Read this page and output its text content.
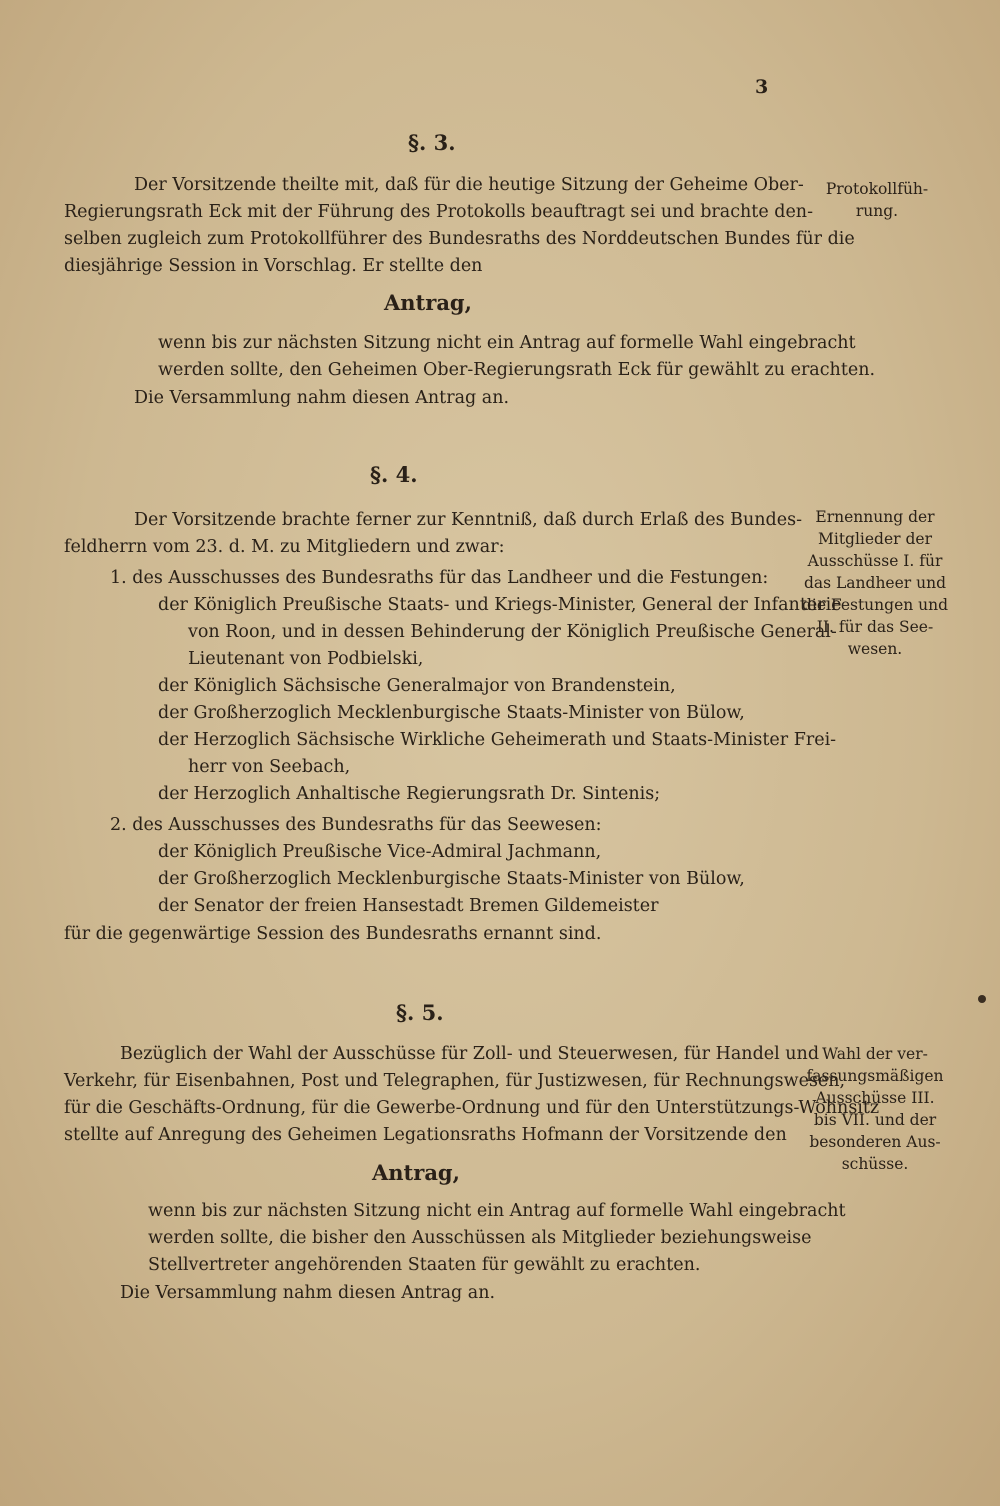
3
§. 3.
Der Vorsitzende theilte mit, daß für die heutige Sitzung der Geheime Ober-
Regierungsrath Eck mit der Führung des Protokolls beauftragt sei und brachte den-
selben zugleich zum Protokollführer des Bundesraths des Norddeutschen Bundes für die
diesjährige Session in Vorschlag. Er stellte den
Antrag,
wenn bis zur nächsten Sitzung nicht ein Antrag auf formelle Wahl eingebracht
werden sollte, den Geheimen Ober-Regierungsrath Eck für gewählt zu erachten.
Die Versammlung nahm diesen Antrag an.
Protokollfüh-
rung.
§. 4.
Der Vorsitzende brachte ferner zur Kenntniß, daß durch Erlaß des Bundes-
feldherrn vom 23. d. M. zu Mitgliedern und zwar:
1. des Ausschusses des Bundesraths für das Landheer und die Festungen:
der Königlich Preußische Staats- und Kriegs-Minister, General der Infanterie
von Roon, und in dessen Behinderung der Königlich Preußische General-
Lieutenant von Podbielski,
der Königlich Sächsische Generalmajor von Brandenstein,
der Großherzoglich Mecklenburgische Staats-Minister von Bülow,
der Herzoglich Sächsische Wirkliche Geheimerath und Staats-Minister Frei-
herr von Seebach,
der Herzoglich Anhaltische Regierungsrath Dr. Sintenis;
2. des Ausschusses des Bundesraths für das Seewesen:
der Königlich Preußische Vice-Admiral Jachmann,
der Großherzoglich Mecklenburgische Staats-Minister von Bülow,
der Senator der freien Hansestadt Bremen Gildemeister
für die gegenwärtige Session des Bundesraths ernannt sind.
Ernennung der
Mitglieder der
Ausschüsse I. für
das Landheer und
die Festungen und
II. für das See-
wesen.
§. 5.
Bezüglich der Wahl der Ausschüsse für Zoll- und Steuerwesen, für Handel und
Verkehr, für Eisenbahnen, Post und Telegraphen, für Justizwesen, für Rechnungswesen,
für die Geschäfts-Ordnung, für die Gewerbe-Ordnung und für den Unterstützungs-Wohnsitz
stellte auf Anregung des Geheimen Legationsraths Hofmann der Vorsitzende den
Antrag,
wenn bis zur nächsten Sitzung nicht ein Antrag auf formelle Wahl eingebracht
werden sollte, die bisher den Ausschüssen als Mitglieder beziehungsweise
Stellvertreter angehörenden Staaten für gewählt zu erachten.
Die Versammlung nahm diesen Antrag an.
Wahl der ver-
fassungsmäßigen
Ausschüsse III.
bis VII. und der
besonderen Aus-
schüsse.
